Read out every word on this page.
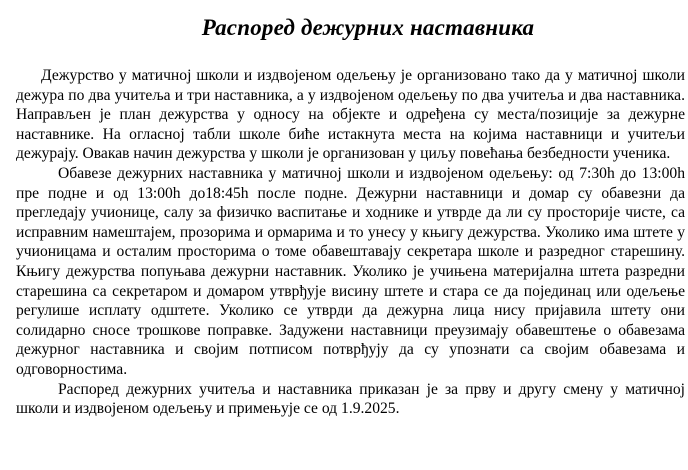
Распоред дежурних наставника

Дежурство у матичној школи и издвојеном одељењу је организовано тако да у матичној школи дежура по два учитеља и три наставника, а у издвојеном одељењу по два учитеља и два наставника. Направљен је план дежурства у односу на објекте и одређена су места/позиције за дежурне наставнике. На огласној табли школе биће истакнута места на којима наставници и учитељи дежурају. Овакав начин дежурства у школи је организован у циљу повећања безбедности ученика.

Обавезе дежурних наставника у матичној школи и издвојеном одељењу: од 7:30h до 13:00h пре подне и од 13:00h до18:45h после подне. Дежурни наставници и домар су обавезни да прегледају учионице, салу за физичко васпитање и ходнике и утврде да ли су просторије чисте, са исправним намештајем, прозорима и ормарима и то унесу у књигу дежурства. Уколико има штете у учионицама и осталим просторима о томе обавештавају секретара школе и разредног старешину. Књигу дежурства попуњава дежурни наставник. Уколико је учињена материјална штета разредни старешина са секретаром и домаром утврђује висину штете и стара се да појединац или одељење регулише исплату одштете. Уколико се утврди да дежурна лица нису пријавила штету они солидарно сносе трошкове поправке. Задужени наставници преузимају обавештење о обавезама дежурног наставника и својим потписом потврђују да су упознати са својим обавезама и одговорностима.

Распоред дежурних учитеља и наставника приказан је за прву и другу смену у матичној школи и издвојеном одељењу и примењује се од 1.9.2025.
